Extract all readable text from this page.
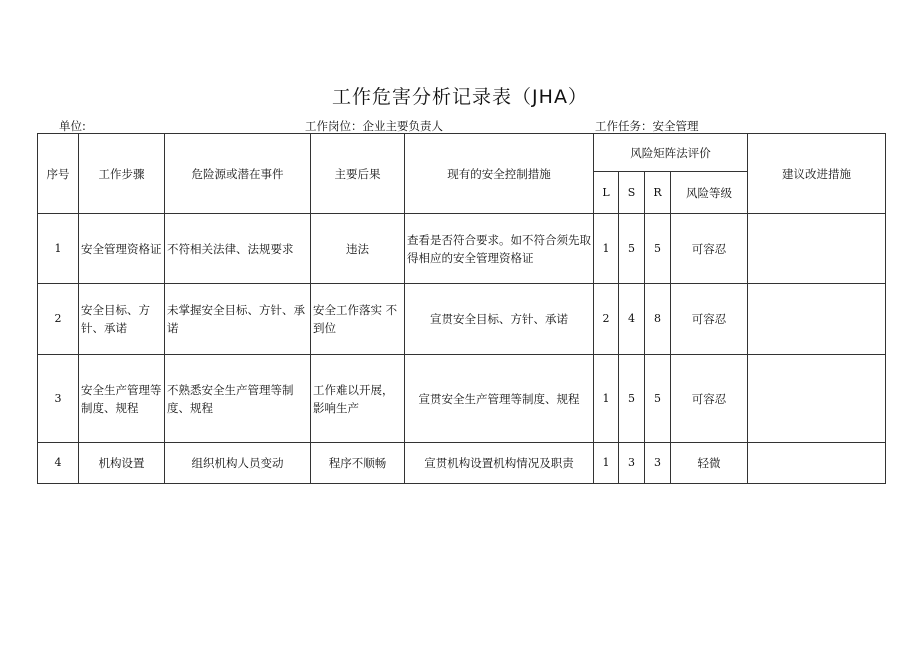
工作危害分析记录表（JHA）
单位:	工作岗位：企业主要负责人	工作任务：安全管理
序号	工作步骤	危险源或潜在事件	主要后果	现有的安全控制措施	风险矩阵法评价				建议改进措施
					L	S	R	风险等级	
1	安全管理资格证	不符相关法律、法规要求	违法	查看是否符合要求。如不符合须先取得相应的安全管理资格证	1	5	5	可容忍	
2	安全目标、方针、承诺	未掌握安全目标、方针、承诺	安全工作落实 不到位	宣贯安全目标、方针、承诺	2	4	8	可容忍	
3	安全生产管理等制度、规程	不熟悉安全生产管理等制度、规程	工作难以开展，影响生产	宣贯安全生产管理等制度、规程	1	5	5	可容忍	
4	机构设置	组织机构人员变动	程序不顺畅	宣贯机构设置机构情况及职责	1	3	3	轻微	
